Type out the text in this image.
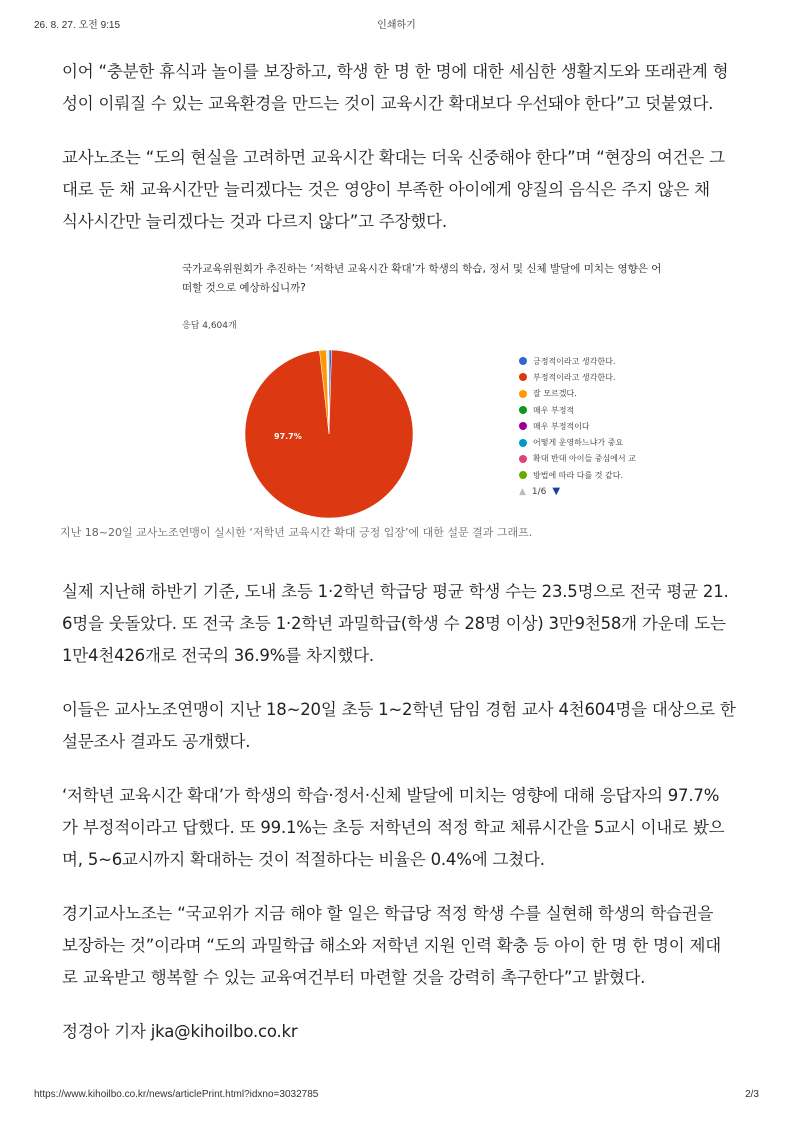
26. 8. 27. 오전 9:15	인쇄하기

이어 “충분한 휴식과 놀이를 보장하고, 학생 한 명 한 명에 대한 세심한 생활지도와 또래관계 형
성이 이뤄질 수 있는 교육환경을 만드는 것이 교육시간 확대보다 우선돼야 한다”고 덧붙였다.

교사노조는 “도의 현실을 고려하면 교육시간 확대는 더욱 신중해야 한다”며 “현장의 여건은 그
대로 둔 채 교육시간만 늘리겠다는 것은 영양이 부족한 아이에게 양질의 음식은 주지 않은 채
식사시간만 늘리겠다는 것과 다르지 않다”고 주장했다.

국가교육위원회가 추진하는 ‘저학년 교육시간 확대’가 학생의 학습, 정서 및 신체 발달에 미치는 영향은 어떠할 것으로 예상하십니까?
응답 4,604개
97.7%
긍정적이라고 생각한다.
부정적이라고 생각한다.
잘 모르겠다.
매우 부정적
매우 부정적이다
어떻게 운영하느냐가 중요
확대 반대 아이들 중심에서 교
방법에 따라 다를 것 같다.
▲ 1/6 ▼
지난 18~20일 교사노조연맹이 실시한 ‘저학년 교육시간 확대 긍정 입장’에 대한 설문 결과 그래프.

실제 지난해 하반기 기준, 도내 초등 1·2학년 학급당 평균 학생 수는 23.5명으로 전국 평균 21.
6명을 웃돌았다. 또 전국 초등 1·2학년 과밀학급(학생 수 28명 이상) 3만9천58개 가운데 도는
1만4천426개로 전국의 36.9%를 차지했다.

이들은 교사노조연맹이 지난 18~20일 초등 1~2학년 담임 경험 교사 4천604명을 대상으로 한
설문조사 결과도 공개했다.

‘저학년 교육시간 확대’가 학생의 학습·정서·신체 발달에 미치는 영향에 대해 응답자의 97.7%
가 부정적이라고 답했다. 또 99.1%는 초등 저학년의 적정 학교 체류시간을 5교시 이내로 봤으
며, 5~6교시까지 확대하는 것이 적절하다는 비율은 0.4%에 그쳤다.

경기교사노조는 “국교위가 지금 해야 할 일은 학급당 적정 학생 수를 실현해 학생의 학습권을
보장하는 것”이라며 “도의 과밀학급 해소와 저학년 지원 인력 확충 등 아이 한 명 한 명이 제대
로 교육받고 행복할 수 있는 교육여건부터 마련할 것을 강력히 촉구한다”고 밝혔다.

정경아 기자 jka@kihoilbo.co.kr

https://www.kihoilbo.co.kr/news/articlePrint.html?idxno=3032785	2/3
